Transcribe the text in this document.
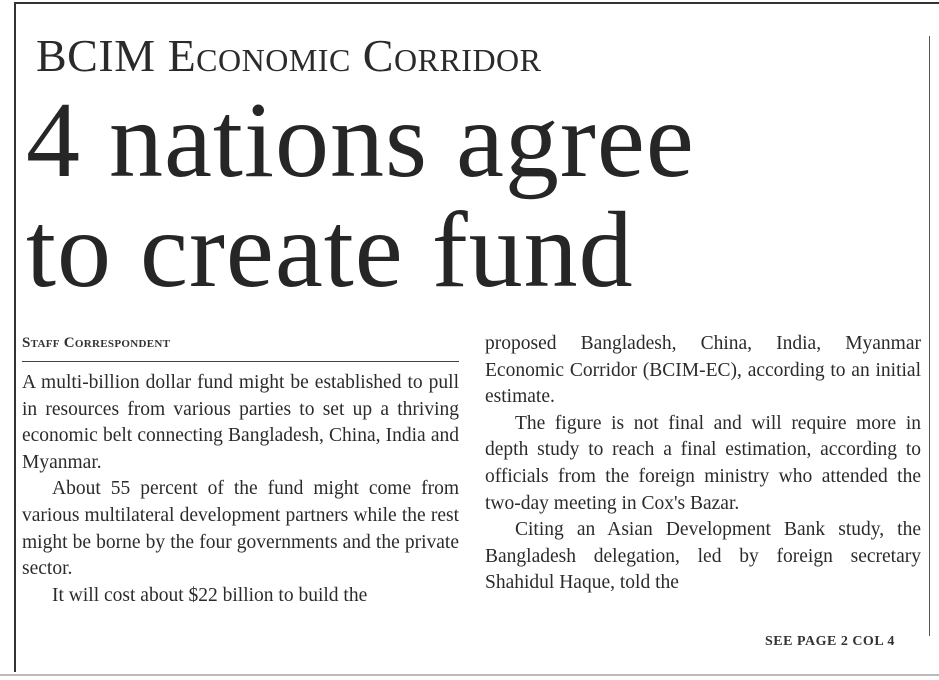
BCIM Economic Corridor
4 nations agree
to create fund
Staff Correspondent

A multi-billion dollar fund might be established to pull in resources from various parties to set up a thriving economic belt connecting Bangladesh, China, India and Myanmar.

About 55 percent of the fund might come from various multilateral development partners while the rest might be borne by the four governments and the private sector.

It will cost about $22 billion to build the

proposed Bangladesh, China, India, Myanmar Economic Corridor (BCIM-EC), according to an initial estimate.

The figure is not final and will require more in depth study to reach a final estimation, according to officials from the foreign ministry who attended the two-day meeting in Cox's Bazar.

Citing an Asian Development Bank study, the Bangladesh delegation, led by foreign secretary Shahidul Haque, told the

SEE PAGE 2 COL 4
